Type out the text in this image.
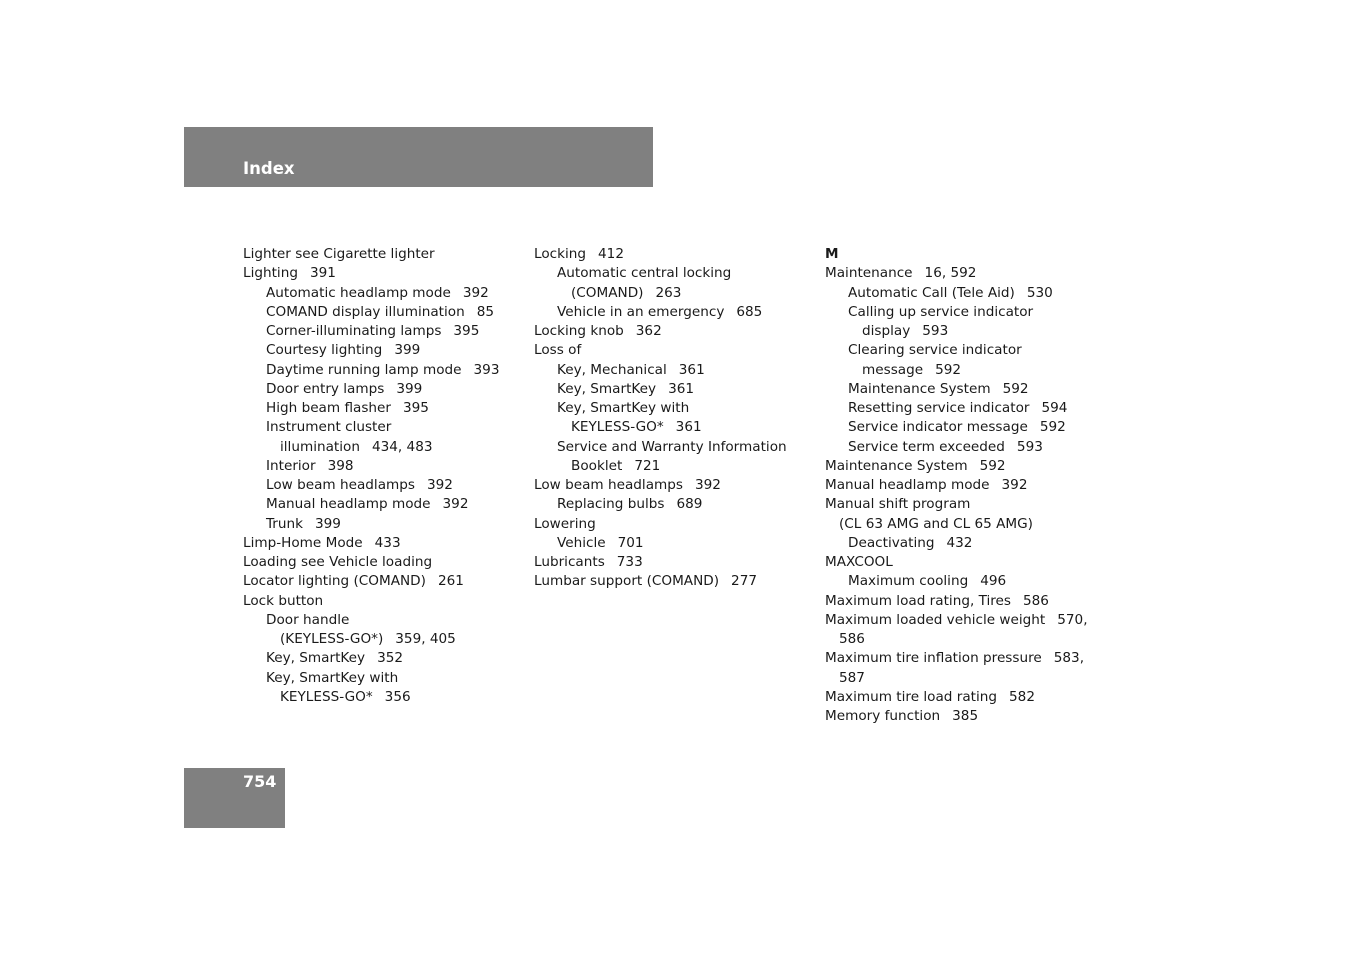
Index
Lighter see Cigarette lighter
Lighting 391
Automatic headlamp mode 392
COMAND display illumination 85
Corner-illuminating lamps 395
Courtesy lighting 399
Daytime running lamp mode 393
Door entry lamps 399
High beam flasher 395
Instrument cluster
illumination 434, 483
Interior 398
Low beam headlamps 392
Manual headlamp mode 392
Trunk 399
Limp-Home Mode 433
Loading see Vehicle loading
Locator lighting (COMAND) 261
Lock button
Door handle
(KEYLESS-GO*) 359, 405
Key, SmartKey 352
Key, SmartKey with
KEYLESS-GO* 356
Locking 412
Automatic central locking
(COMAND) 263
Vehicle in an emergency 685
Locking knob 362
Loss of
Key, Mechanical 361
Key, SmartKey 361
Key, SmartKey with
KEYLESS-GO* 361
Service and Warranty Information
Booklet 721
Low beam headlamps 392
Replacing bulbs 689
Lowering
Vehicle 701
Lubricants 733
Lumbar support (COMAND) 277
M
Maintenance 16, 592
Automatic Call (Tele Aid) 530
Calling up service indicator
display 593
Clearing service indicator
message 592
Maintenance System 592
Resetting service indicator 594
Service indicator message 592
Service term exceeded 593
Maintenance System 592
Manual headlamp mode 392
Manual shift program
(CL 63 AMG and CL 65 AMG)
Deactivating 432
MAXCOOL
Maximum cooling 496
Maximum load rating, Tires 586
Maximum loaded vehicle weight 570,
586
Maximum tire inflation pressure 583,
587
Maximum tire load rating 582
Memory function 385
754
